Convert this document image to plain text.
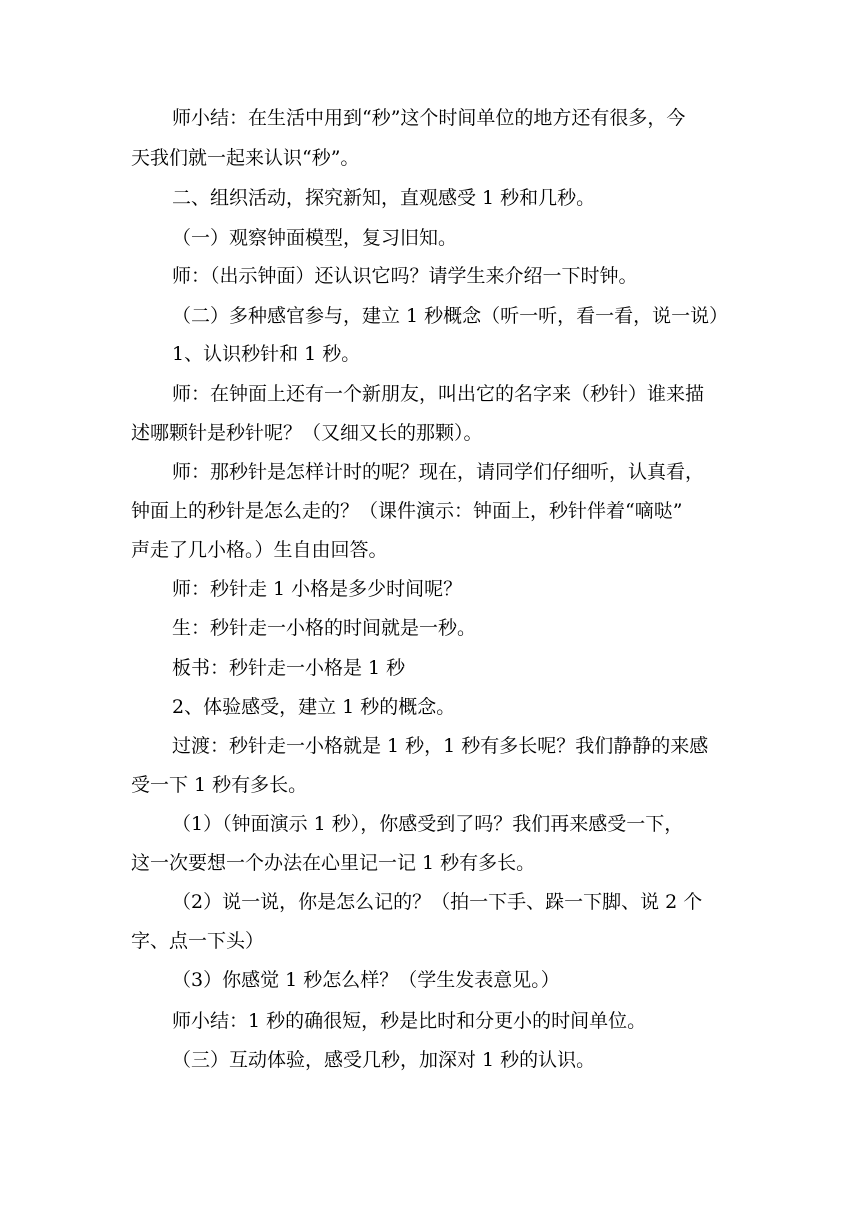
师小结：在生活中用到“秒”这个时间单位的地方还有很多，今
天我们就一起来认识“秒”。
二、组织活动，探究新知，直观感受 1 秒和几秒。
（一）观察钟面模型，复习旧知。
师：（出示钟面）还认识它吗？请学生来介绍一下时钟。
（二）多种感官参与，建立 1 秒概念（听一听，看一看，说一说）
1、认识秒针和 1 秒。
师：在钟面上还有一个新朋友，叫出它的名字来（秒针）谁来描
述哪颗针是秒针呢？（又细又长的那颗）。
师：那秒针是怎样计时的呢？现在，请同学们仔细听，认真看，
钟面上的秒针是怎么走的？（课件演示：钟面上，秒针伴着“嘀哒”
声走了几小格。）生自由回答。
师：秒针走 1 小格是多少时间呢？
生：秒针走一小格的时间就是一秒。
板书：秒针走一小格是 1 秒
2、体验感受，建立 1 秒的概念。
过渡：秒针走一小格就是 1 秒，1 秒有多长呢？我们静静的来感
受一下 1 秒有多长。
（1）（钟面演示 1 秒），你感受到了吗？我们再来感受一下，
这一次要想一个办法在心里记一记 1 秒有多长。
（2）说一说，你是怎么记的？（拍一下手、跺一下脚、说 2 个
字、点一下头）
（3）你感觉 1 秒怎么样？（学生发表意见。）
师小结：1 秒的确很短，秒是比时和分更小的时间单位。
（三）互动体验，感受几秒，加深对 1 秒的认识。
